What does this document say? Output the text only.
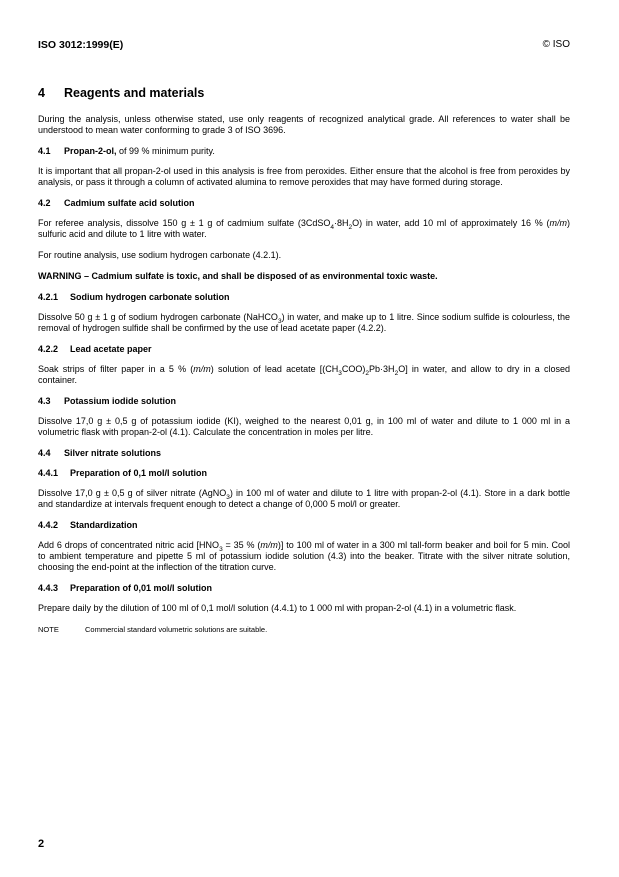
ISO 3012:1999(E)	© ISO
4 Reagents and materials

During the analysis, unless otherwise stated, use only reagents of recognized analytical grade. All references to water shall be understood to mean water conforming to grade 3 of ISO 3696.

4.1 Propan-2-ol, of 99 % minimum purity.

It is important that all propan-2-ol used in this analysis is free from peroxides. Either ensure that the alcohol is free from peroxides by analysis, or pass it through a column of activated alumina to remove peroxides that may have formed during storage.

4.2 Cadmium sulfate acid solution

For referee analysis, dissolve 150 g ± 1 g of cadmium sulfate $(3CdSO_4\cdot 8H_2O)$ in water, add 10 ml of approximately 16 % (m/m) sulfuric acid and dilute to 1 litre with water.

For routine analysis, use sodium hydrogen carbonate (4.2.1).

WARNING – Cadmium sulfate is toxic, and shall be disposed of as environmental toxic waste.

4.2.1 Sodium hydrogen carbonate solution

Dissolve 50 g ± 1 g of sodium hydrogen carbonate (NaHCO$_3$) in water, and make up to 1 litre. Since sodium sulfide is colourless, the removal of hydrogen sulfide shall be confirmed by the use of lead acetate paper (4.2.2).

4.2.2 Lead acetate paper

Soak strips of filter paper in a 5 % (m/m) solution of lead acetate $[(CH_3COO)_2Pb\cdot 3H_2O]$ in water, and allow to dry in a closed container.

4.3 Potassium iodide solution

Dissolve 17,0 g ± 0,5 g of potassium iodide (KI), weighed to the nearest 0,01 g, in 100 ml of water and dilute to 1 000 ml in a volumetric flask with propan-2-ol (4.1). Calculate the concentration in moles per litre.

4.4 Silver nitrate solutions
4.4.1 Preparation of 0,1 mol/l solution

Dissolve 17,0 g ± 0,5 g of silver nitrate (AgNO$_3$) in 100 ml of water and dilute to 1 litre with propan-2-ol (4.1). Store in a dark bottle and standardize at intervals frequent enough to detect a change of 0,000 5 mol/l or greater.

4.4.2 Standardization

Add 6 drops of concentrated nitric acid [$HNO_3 = 35$ % (m/m)] to 100 ml of water in a 300 ml tall-form beaker and boil for 5 min. Cool to ambient temperature and pipette 5 ml of potassium iodide solution (4.3) into the beaker. Titrate with the silver nitrate solution, choosing the end-point at the inflection of the titration curve.

4.4.3 Preparation of 0,01 mol/l solution

Prepare daily by the dilution of 100 ml of 0,1 mol/l solution (4.4.1) to 1 000 ml with propan-2-ol (4.1) in a volumetric flask.

NOTE	Commercial standard volumetric solutions are suitable.

2
